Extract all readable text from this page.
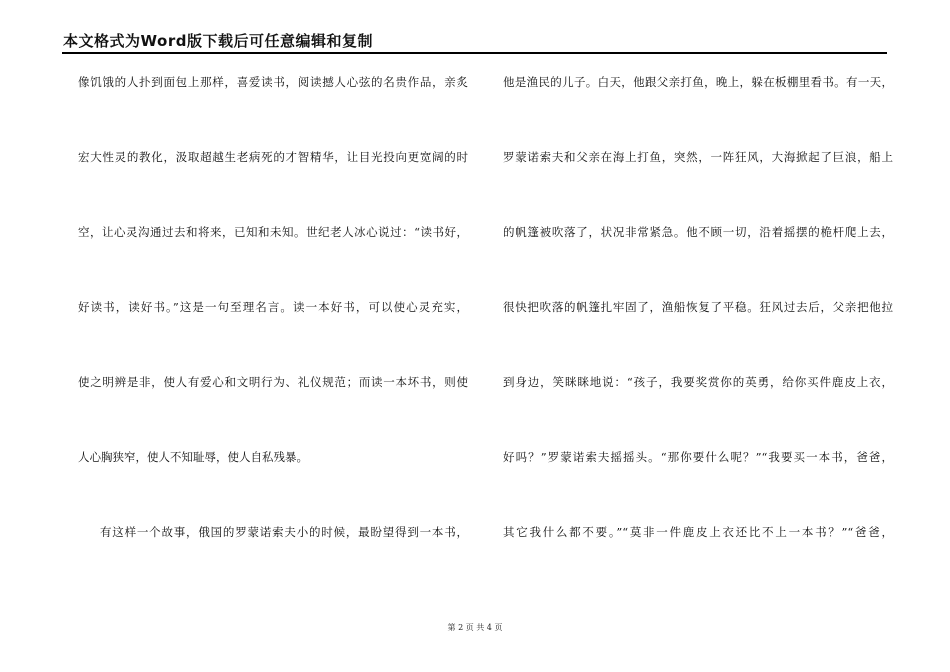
本文格式为Word版下载后可任意编辑和复制
像饥饿的人扑到面包上那样，喜爱读书，阅读撼人心弦的名贵作品，亲炙
宏大性灵的教化，汲取超越生老病死的才智精华，让目光投向更宽阔的时
空，让心灵沟通过去和将来，已知和未知。世纪老人冰心说过：“读书好，
好读书，读好书。”这是一句至理名言。读一本好书，可以使心灵充实，
使之明辨是非，使人有爱心和文明行为、礼仪规范；而读一本坏书，则使
人心胸狭窄，使人不知耻辱，使人自私残暴。
有这样一个故事，俄国的罗蒙诺索夫小的时候，最盼望得到一本书，
他是渔民的儿子。白天，他跟父亲打鱼，晚上，躲在板棚里看书。有一天，
罗蒙诺索夫和父亲在海上打鱼，突然，一阵狂风，大海掀起了巨浪，船上
的帆篷被吹落了，状况非常紧急。他不顾一切，沿着摇摆的桅杆爬上去，
很快把吹落的帆篷扎牢固了，渔船恢复了平稳。狂风过去后，父亲把他拉
到身边，笑眯眯地说：“孩子，我要奖赏你的英勇，给你买件鹿皮上衣，
好吗？”罗蒙诺索夫摇摇头。“那你要什么呢？”“我要买一本书，爸爸，
其它我什么都不要。”“莫非一件鹿皮上衣还比不上一本书？”“爸爸，
第 2 页 共 4 页
